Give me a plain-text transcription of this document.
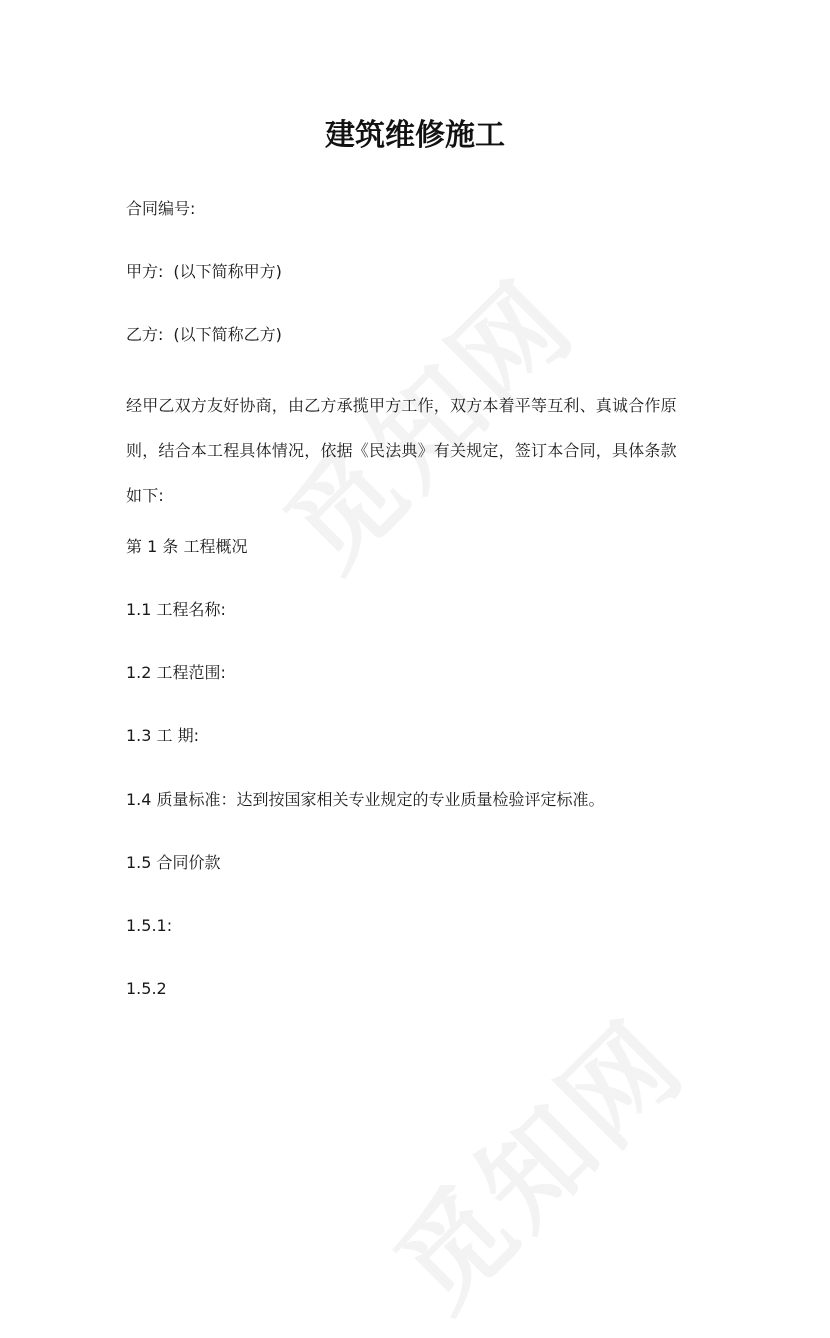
建筑维修施工

合同编号:

甲方: (以下简称甲方)

乙方: (以下简称乙方)

经甲乙双方友好协商，由乙方承揽甲方工作，双方本着平等互利、真诚合作原
则，结合本工程具体情况，依据《民法典》有关规定，签订本合同，具体条款
如下:

第 1 条 工程概况

1.1 工程名称:

1.2 工程范围:

1.3 工 期:

1.4 质量标准：达到按国家相关专业规定的专业质量检验评定标准。

1.5 合同价款

1.5.1:

1.5.2
